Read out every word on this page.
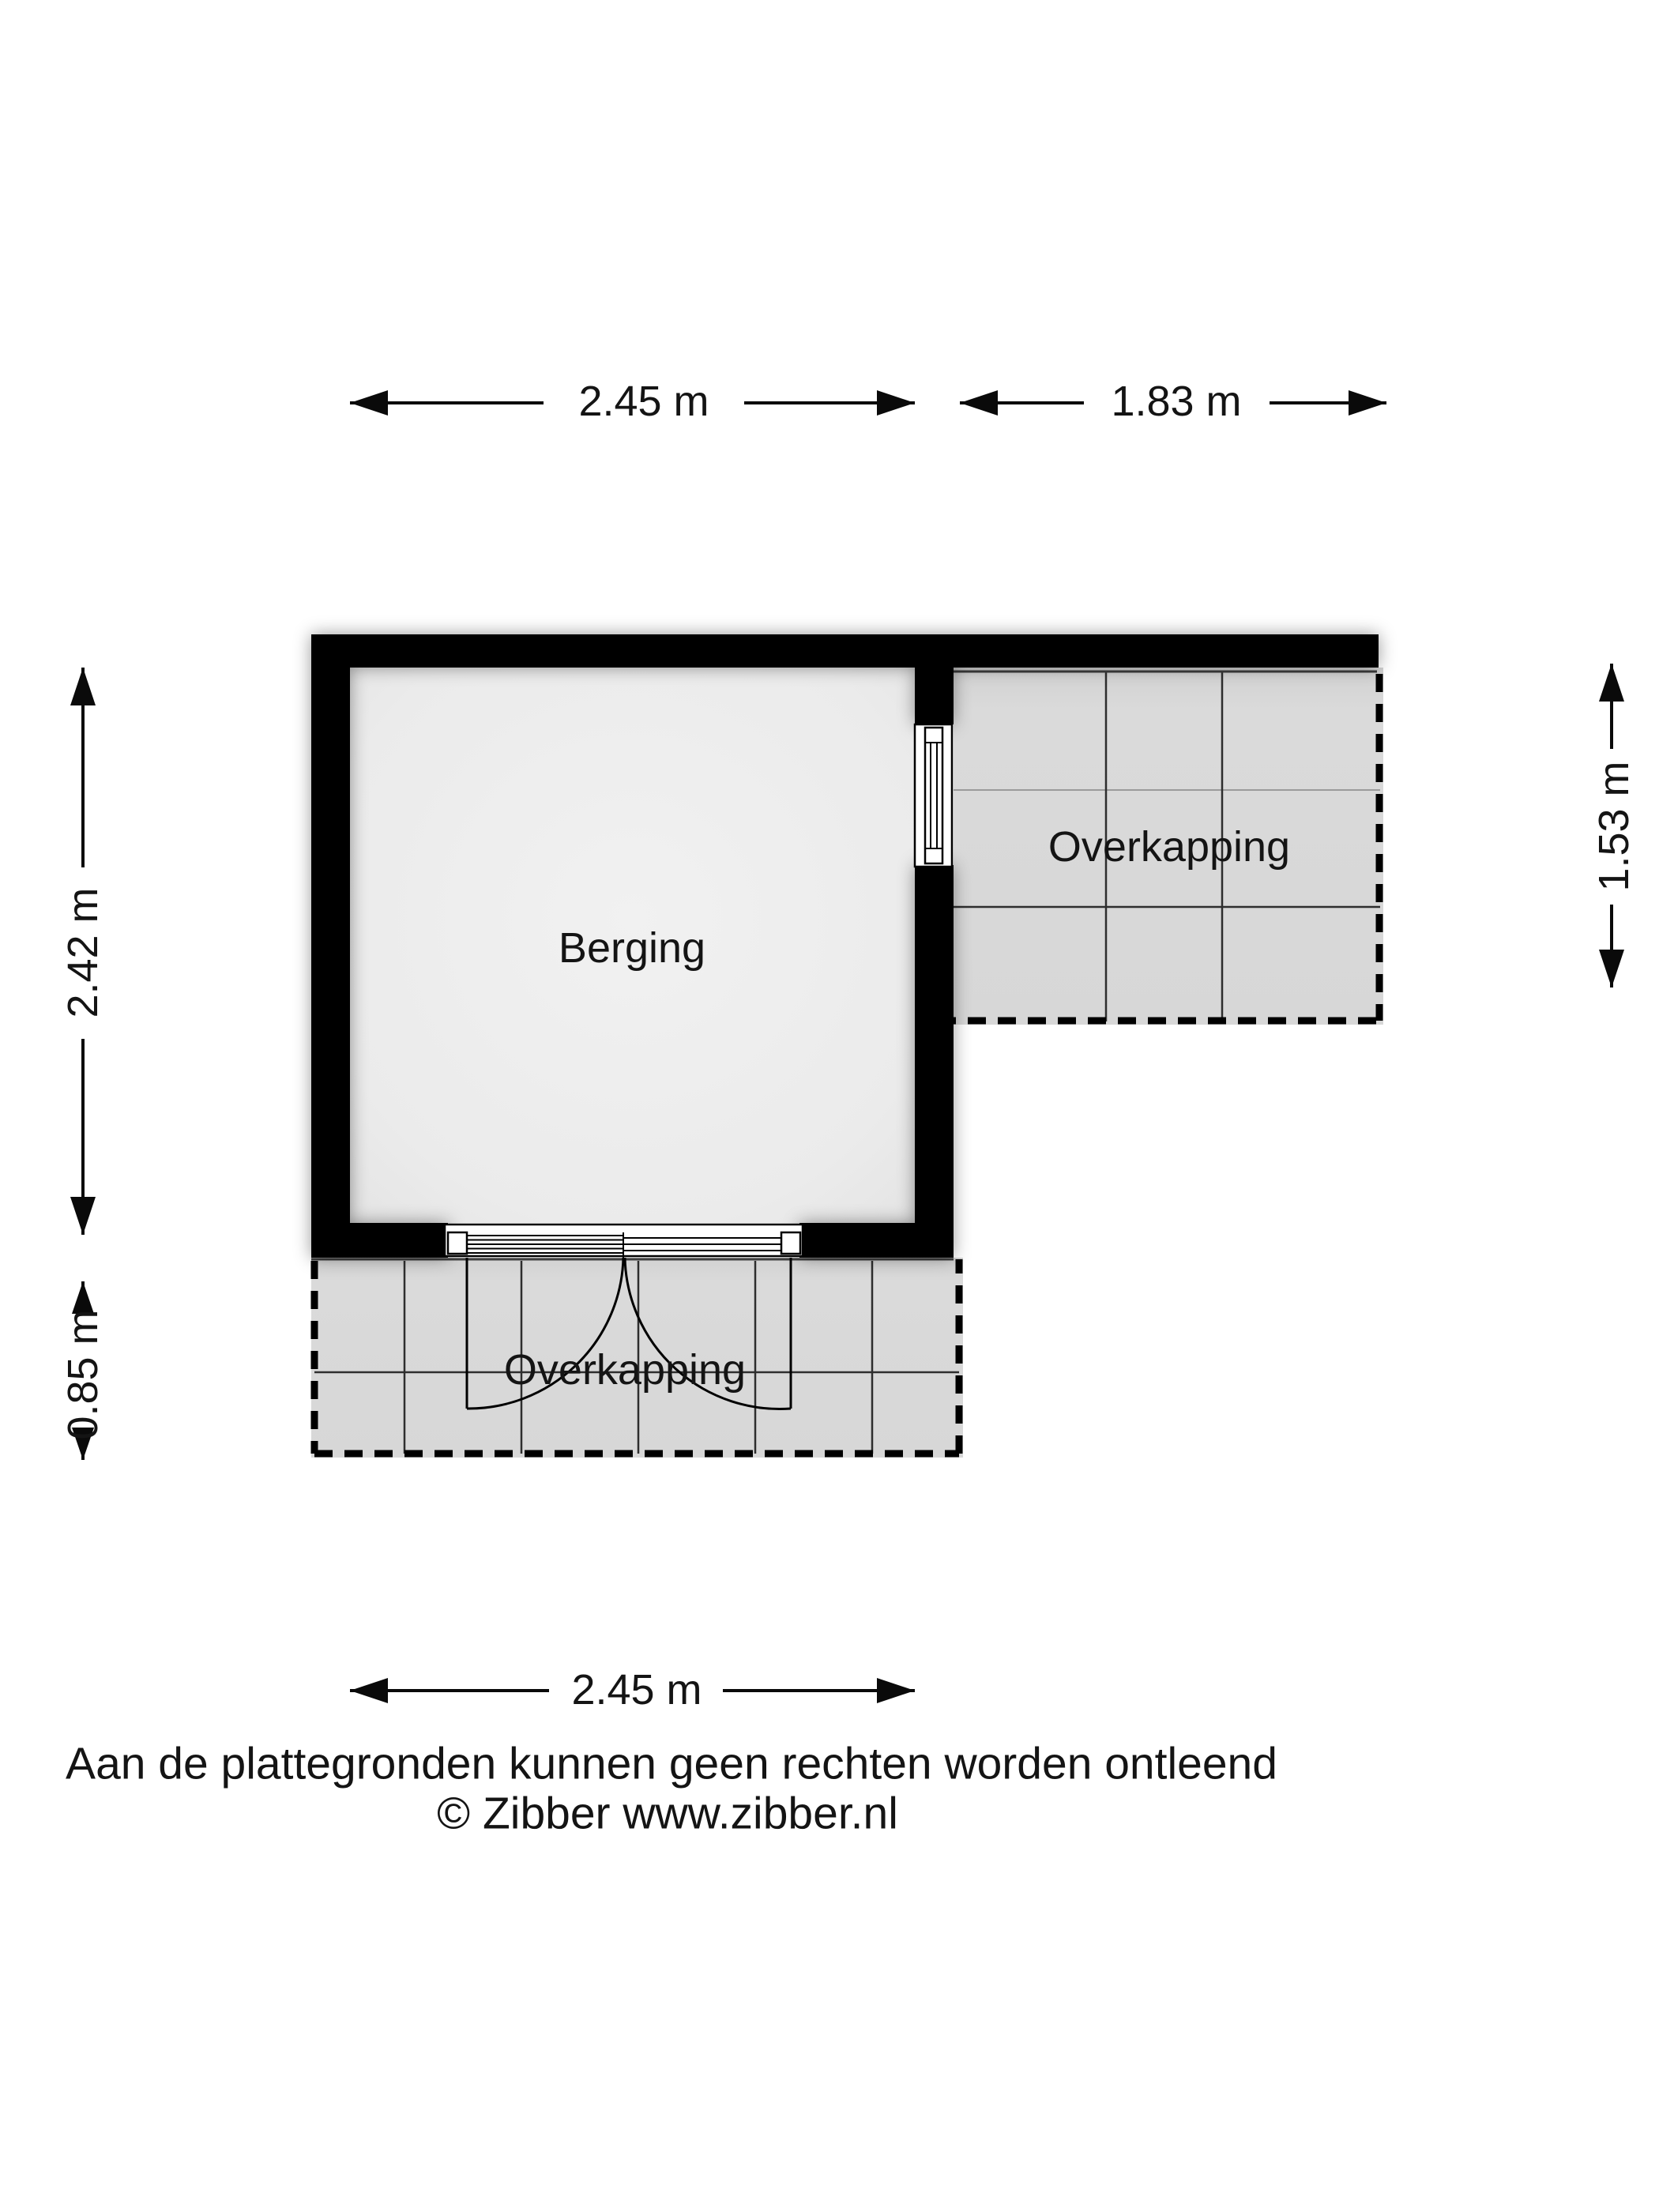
2.45 m	1.83 m
2.42 m
0.85 m
1.53 m
2.45 m
Berging
Overkapping
Overkapping
Aan de plattegronden kunnen geen rechten worden ontleend
© Zibber www.zibber.nl
